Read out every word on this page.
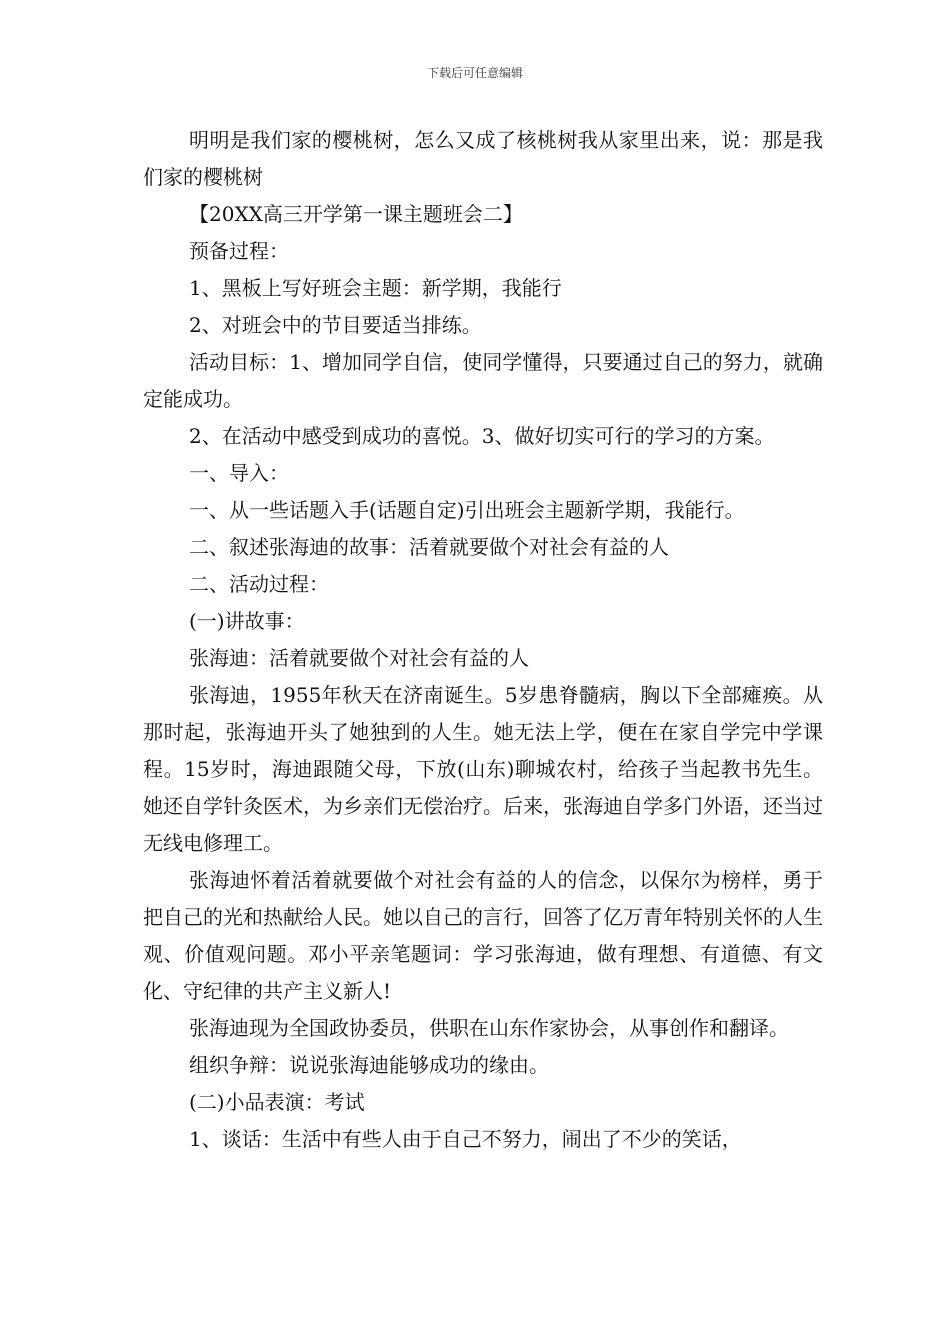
下载后可任意编辑

明明是我们家的樱桃树，怎么又成了核桃树我从家里出来，说：那是我们家的樱桃树

【20XX高三开学第一课主题班会二】

预备过程：

1、黑板上写好班会主题：新学期，我能行

2、对班会中的节目要适当排练。

活动目标：1、增加同学自信，使同学懂得，只要通过自己的努力，就确定能成功。

2、在活动中感受到成功的喜悦。3、做好切实可行的学习的方案。

一、导入：

一、从一些话题入手(话题自定)引出班会主题新学期，我能行。

二、叙述张海迪的故事：活着就要做个对社会有益的人

二、活动过程：

(一)讲故事：

张海迪：活着就要做个对社会有益的人

张海迪，1955年秋天在济南诞生。5岁患脊髓病，胸以下全部瘫痪。从那时起，张海迪开头了她独到的人生。她无法上学，便在在家自学完中学课程。15岁时，海迪跟随父母，下放(山东)聊城农村，给孩子当起教书先生。她还自学针灸医术，为乡亲们无偿治疗。后来，张海迪自学多门外语，还当过无线电修理工。

张海迪怀着活着就要做个对社会有益的人的信念，以保尔为榜样，勇于把自己的光和热献给人民。她以自己的言行，回答了亿万青年特别关怀的人生观、价值观问题。邓小平亲笔题词：学习张海迪，做有理想、有道德、有文化、守纪律的共产主义新人!

张海迪现为全国政协委员，供职在山东作家协会，从事创作和翻译。

组织争辩：说说张海迪能够成功的缘由。

(二)小品表演：考试

1、谈话：生活中有些人由于自己不努力，闹出了不少的笑话，
